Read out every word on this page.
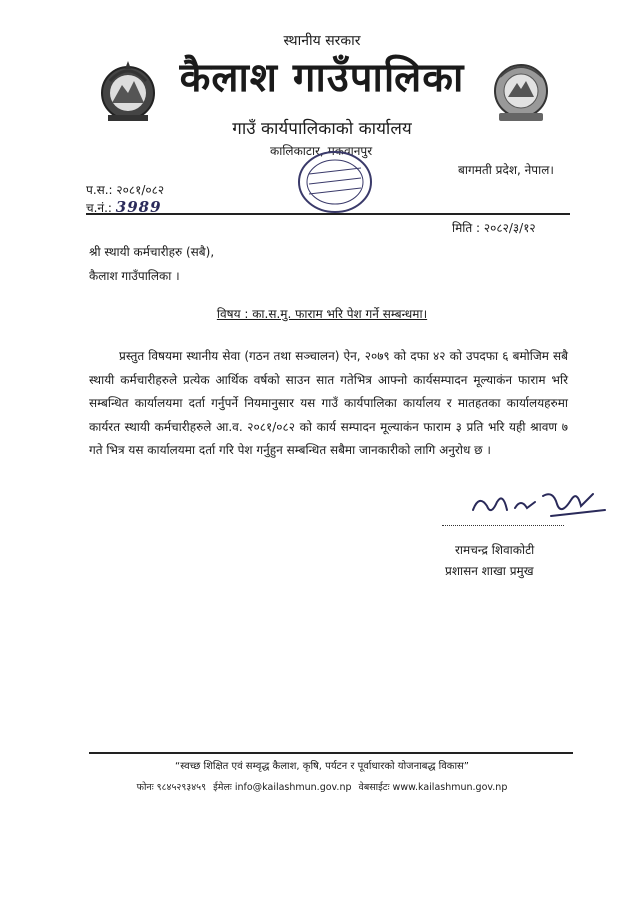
स्थानीय सरकार
कैलाश गाउँपालिका
गाउँ कार्यपालिकाको कार्यालय
कालिकाटार, मकवानपुर
बागमती प्रदेश, नेपाल।
प.स.: २०८१/०८२
च.नं.: 3989
मिति : २०८२/३/१२
श्री स्थायी कर्मचारीहरु (सबै),
कैलाश गाउँपालिका ।
विषय : का.स.मु. फाराम भरि पेश गर्ने सम्बन्धमा।
प्रस्तुत विषयमा स्थानीय सेवा (गठन तथा सञ्चालन) ऐन, २०७९ को दफा ४२ को उपदफा ६ बमोजिम सबै स्थायी कर्मचारीहरुले प्रत्येक आर्थिक वर्षको साउन सात गतेभित्र आफ्नो कार्यसम्पादन मूल्याकंन फाराम भरि सम्बन्धित कार्यालयमा दर्ता गर्नुपर्ने नियमानुसार यस गाउँ कार्यपालिका कार्यालय र मातहतका कार्यालयहरुमा कार्यरत स्थायी कर्मचारीहरुले आ.व. २०८१/०८२ को कार्य सम्पादन मूल्याकंन फाराम ३ प्रति भरि यही श्रावण ७ गते भित्र यस कार्यालयमा दर्ता गरि पेश गर्नुहुन सम्बन्धित सबैमा जानकारीको लागि अनुरोध छ ।
रामचन्द्र शिवाकोटी
प्रशासन शाखा प्रमुख
“स्वच्छ शिक्षित एवं सम्वृद्ध कैलाश, कृषि, पर्यटन र पूर्वाधारको योजनाबद्ध विकास”
फोनः ९८४५२९३४५९ ईमेलः info@kailashmun.gov.np वेबसाईटः www.kailashmun.gov.np
